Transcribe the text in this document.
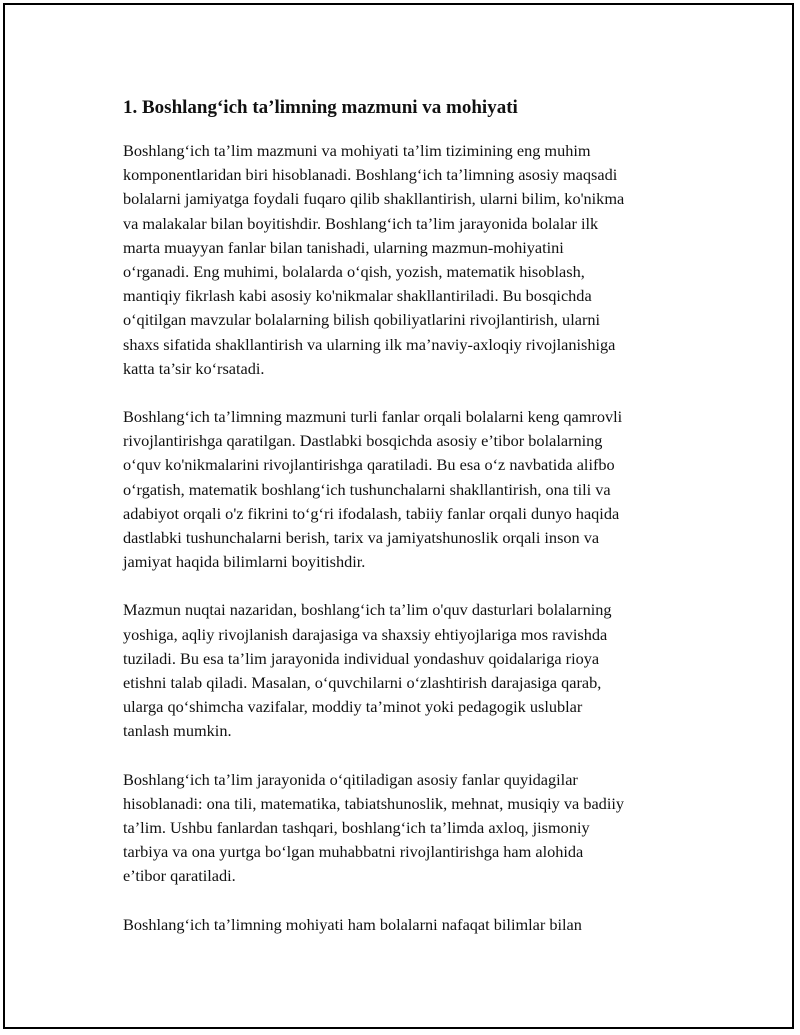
1. Boshlang‘ich ta’limning mazmuni va mohiyati
Boshlang‘ich ta’lim mazmuni va mohiyati ta’lim tizimining eng muhim
komponentlaridan biri hisoblanadi. Boshlang‘ich ta’limning asosiy maqsadi
bolalarni jamiyatga foydali fuqaro qilib shakllantirish, ularni bilim, ko'nikma
va malakalar bilan boyitishdir. Boshlang‘ich ta’lim jarayonida bolalar ilk
marta muayyan fanlar bilan tanishadi, ularning mazmun-mohiyatini
o‘rganadi. Eng muhimi, bolalarda o‘qish, yozish, matematik hisoblash,
mantiqiy fikrlash kabi asosiy ko'nikmalar shakllantiriladi. Bu bosqichda
o‘qitilgan mavzular bolalarning bilish qobiliyatlarini rivojlantirish, ularni
shaxs sifatida shakllantirish va ularning ilk ma’naviy-axloqiy rivojlanishiga
katta ta’sir ko‘rsatadi.
Boshlang‘ich ta’limning mazmuni turli fanlar orqali bolalarni keng qamrovli
rivojlantirishga qaratilgan. Dastlabki bosqichda asosiy e’tibor bolalarning
o‘quv ko'nikmalarini rivojlantirishga qaratiladi. Bu esa o‘z navbatida alifbo
o‘rgatish, matematik boshlang‘ich tushunchalarni shakllantirish, ona tili va
adabiyot orqali o'z fikrini to‘g‘ri ifodalash, tabiiy fanlar orqali dunyo haqida
dastlabki tushunchalarni berish, tarix va jamiyatshunoslik orqali inson va
jamiyat haqida bilimlarni boyitishdir.
Mazmun nuqtai nazaridan, boshlang‘ich ta’lim o'quv dasturlari bolalarning
yoshiga, aqliy rivojlanish darajasiga va shaxsiy ehtiyojlariga mos ravishda
tuziladi. Bu esa ta’lim jarayonida individual yondashuv qoidalariga rioya
etishni talab qiladi. Masalan, o‘quvchilarni o‘zlashtirish darajasiga qarab,
ularga qo‘shimcha vazifalar, moddiy ta’minot yoki pedagogik uslublar
tanlash mumkin.
Boshlang‘ich ta’lim jarayonida o‘qitiladigan asosiy fanlar quyidagilar
hisoblanadi: ona tili, matematika, tabiatshunoslik, mehnat, musiqiy va badiiy
ta’lim. Ushbu fanlardan tashqari, boshlang‘ich ta’limda axloq, jismoniy
tarbiya va ona yurtga bo‘lgan muhabbatni rivojlantirishga ham alohida
e’tibor qaratiladi.
Boshlang‘ich ta’limning mohiyati ham bolalarni nafaqat bilimlar bilan
